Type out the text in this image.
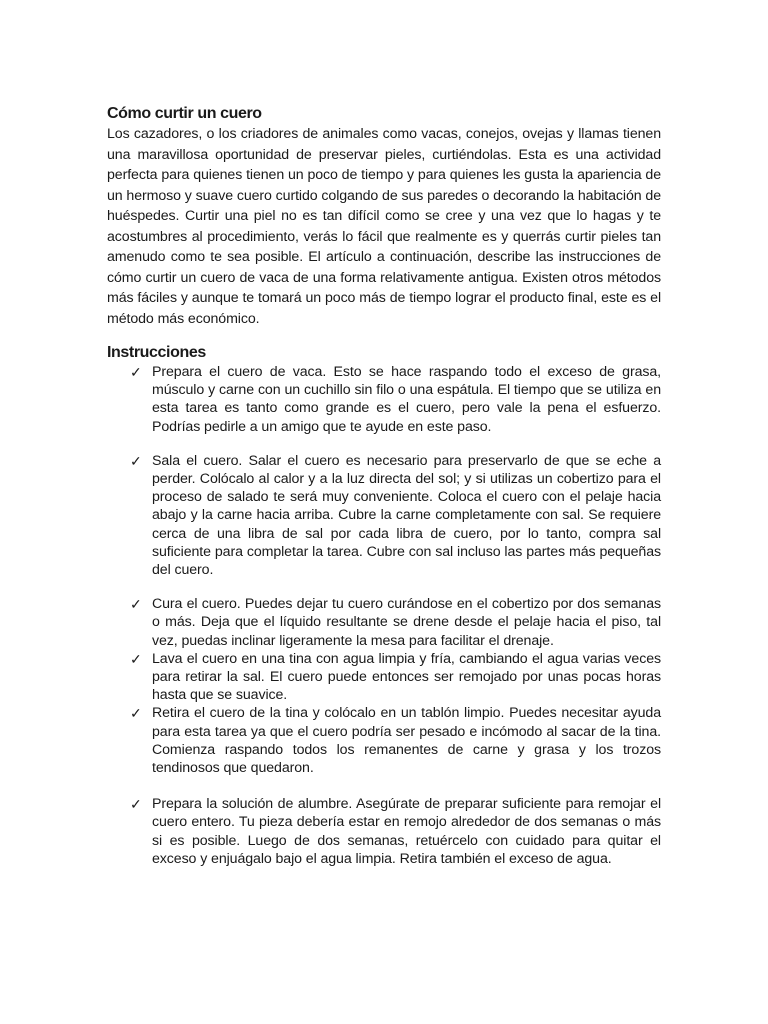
Cómo curtir un cuero

Los cazadores, o los criadores de animales como vacas, conejos, ovejas y llamas tienen una maravillosa oportunidad de preservar pieles, curtiéndolas. Esta es una actividad perfecta para quienes tienen un poco de tiempo y para quienes les gusta la apariencia de un hermoso y suave cuero curtido colgando de sus paredes o decorando la habitación de huéspedes. Curtir una piel no es tan difícil como se cree y una vez que lo hagas y te acostumbres al procedimiento, verás lo fácil que realmente es y querrás curtir pieles tan amenudo como te sea posible. El artículo a continuación, describe las instrucciones de cómo curtir un cuero de vaca de una forma relativamente antigua. Existen otros métodos más fáciles y aunque te tomará un poco más de tiempo lograr el producto final, este es el método más económico.

Instrucciones
✓ Prepara el cuero de vaca. Esto se hace raspando todo el exceso de grasa, músculo y carne con un cuchillo sin filo o una espátula. El tiempo que se utiliza en esta tarea es tanto como grande es el cuero, pero vale la pena el esfuerzo. Podrías pedirle a un amigo que te ayude en este paso.
✓ Sala el cuero. Salar el cuero es necesario para preservarlo de que se eche a perder. Colócalo al calor y a la luz directa del sol; y si utilizas un cobertizo para el proceso de salado te será muy conveniente. Coloca el cuero con el pelaje hacia abajo y la carne hacia arriba. Cubre la carne completamente con sal. Se requiere cerca de una libra de sal por cada libra de cuero, por lo tanto, compra sal suficiente para completar la tarea. Cubre con sal incluso las partes más pequeñas del cuero.
✓ Cura el cuero. Puedes dejar tu cuero curándose en el cobertizo por dos semanas o más. Deja que el líquido resultante se drene desde el pelaje hacia el piso, tal vez, puedas inclinar ligeramente la mesa para facilitar el drenaje.
✓ Lava el cuero en una tina con agua limpia y fría, cambiando el agua varias veces para retirar la sal. El cuero puede entonces ser remojado por unas pocas horas hasta que se suavice.
✓ Retira el cuero de la tina y colócalo en un tablón limpio. Puedes necesitar ayuda para esta tarea ya que el cuero podría ser pesado e incómodo al sacar de la tina. Comienza raspando todos los remanentes de carne y grasa y los trozos tendinosos que quedaron.
✓ Prepara la solución de alumbre. Asegúrate de preparar suficiente para remojar el cuero entero. Tu pieza debería estar en remojo alrededor de dos semanas o más si es posible. Luego de dos semanas, retuércelo con cuidado para quitar el exceso y enjuágalo bajo el agua limpia. Retira también el exceso de agua.
